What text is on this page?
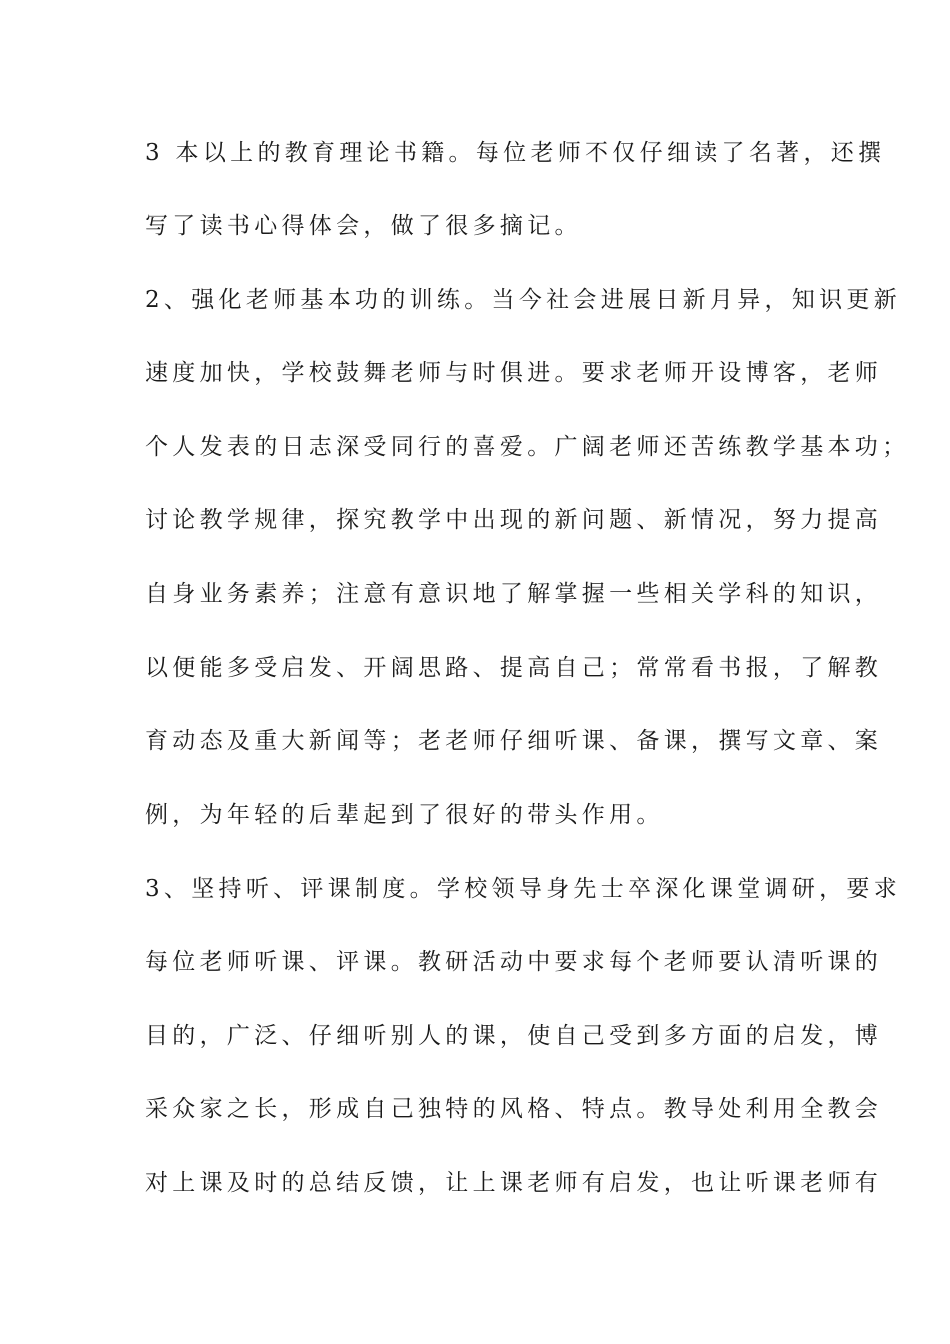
3 本以上的教育理论书籍。每位老师不仅仔细读了名著，还撰
写了读书心得体会，做了很多摘记。
2、强化老师基本功的训练。当今社会进展日新月异，知识更新
速度加快，学校鼓舞老师与时俱进。要求老师开设博客，老师
个人发表的日志深受同行的喜爱。广阔老师还苦练教学基本功；
讨论教学规律，探究教学中出现的新问题、新情况，努力提高
自身业务素养；注意有意识地了解掌握一些相关学科的知识，
以便能多受启发、开阔思路、提高自己；常常看书报，了解教
育动态及重大新闻等；老老师仔细听课、备课，撰写文章、案
例，为年轻的后辈起到了很好的带头作用。
3、坚持听、评课制度。学校领导身先士卒深化课堂调研，要求
每位老师听课、评课。教研活动中要求每个老师要认清听课的
目的，广泛、仔细听别人的课，使自己受到多方面的启发，博
采众家之长，形成自己独特的风格、特点。教导处利用全教会
对上课及时的总结反馈，让上课老师有启发，也让听课老师有
